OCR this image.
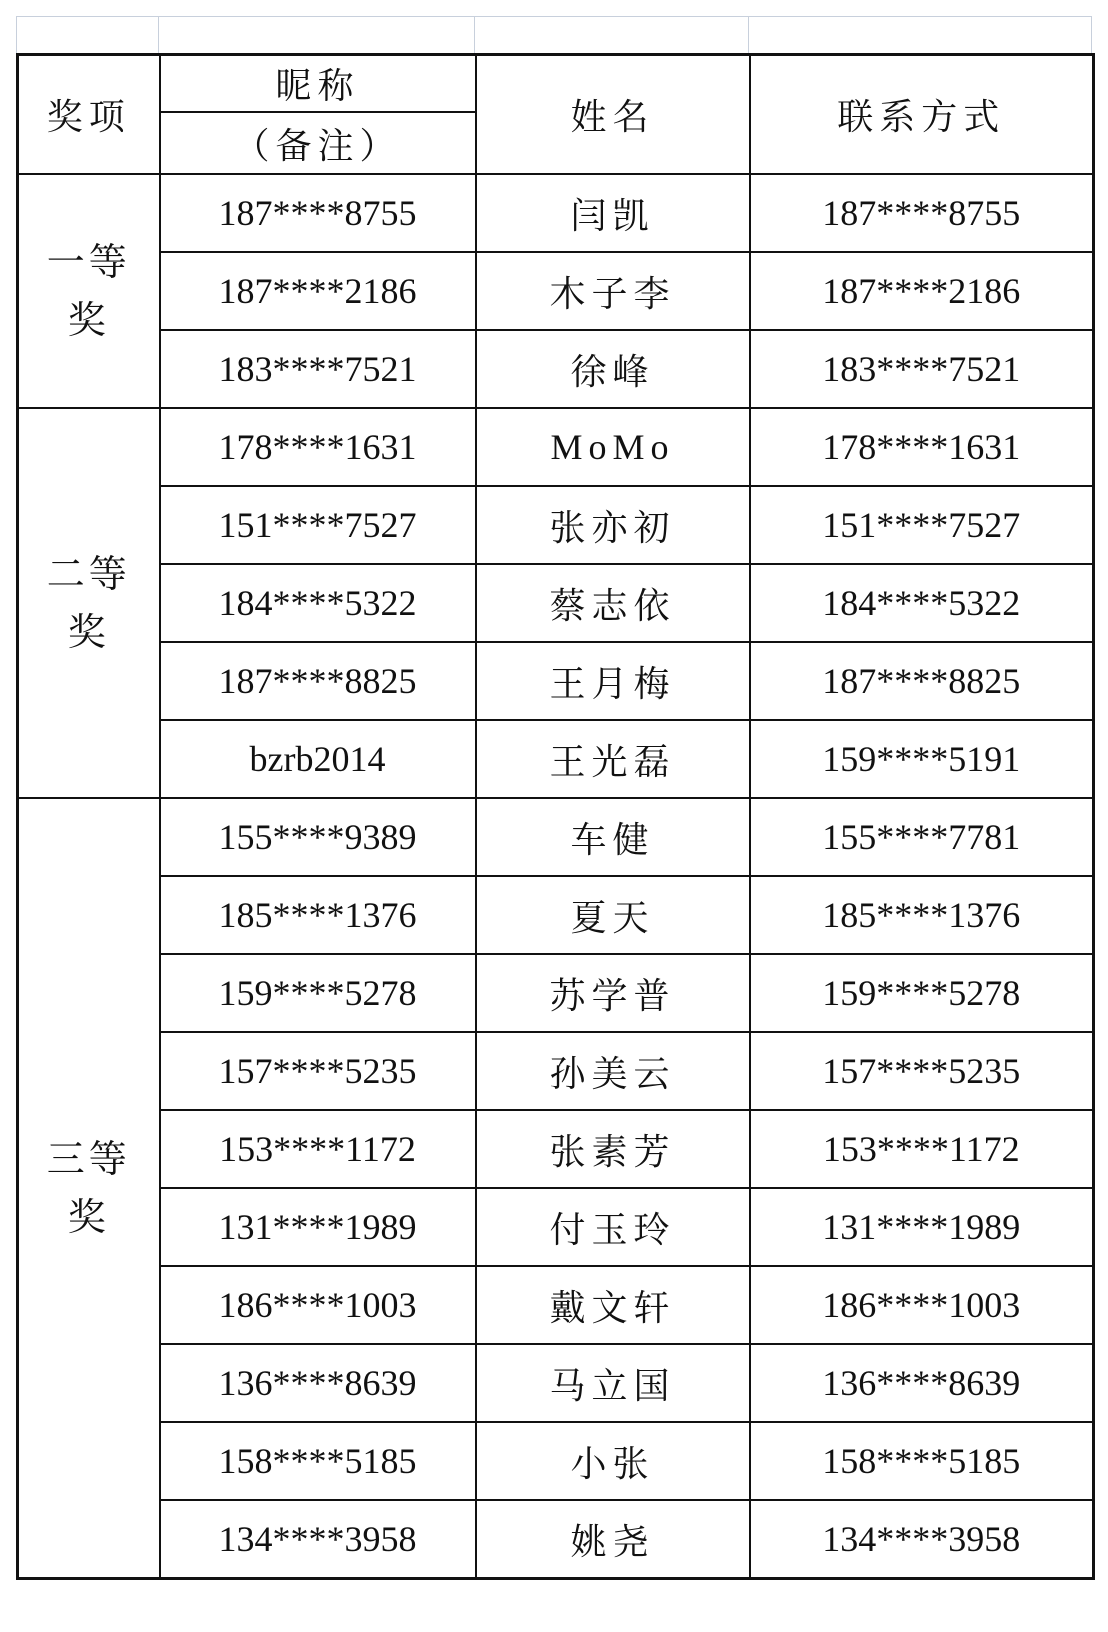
奖项	昵称	姓名	联系方式
	（备注）		

一等
奖	187****8755	闫凯	187****8755
	187****2186	木子李	187****2186
	183****7521	徐峰	183****7521

二等
奖	178****1631	MoMo	178****1631
	151****7527	张亦初	151****7527
	184****5322	蔡志依	184****5322
	187****8825	王月梅	187****8825
	bzrb2014	王光磊	159****5191

三等
奖	155****9389	车健	155****7781
	185****1376	夏天	185****1376
	159****5278	苏学普	159****5278
	157****5235	孙美云	157****5235
	153****1172	张素芳	153****1172
	131****1989	付玉玲	131****1989
	186****1003	戴文轩	186****1003
	136****8639	马立国	136****8639
	158****5185	小张	158****5185
	134****3958	姚尧	134****3958
